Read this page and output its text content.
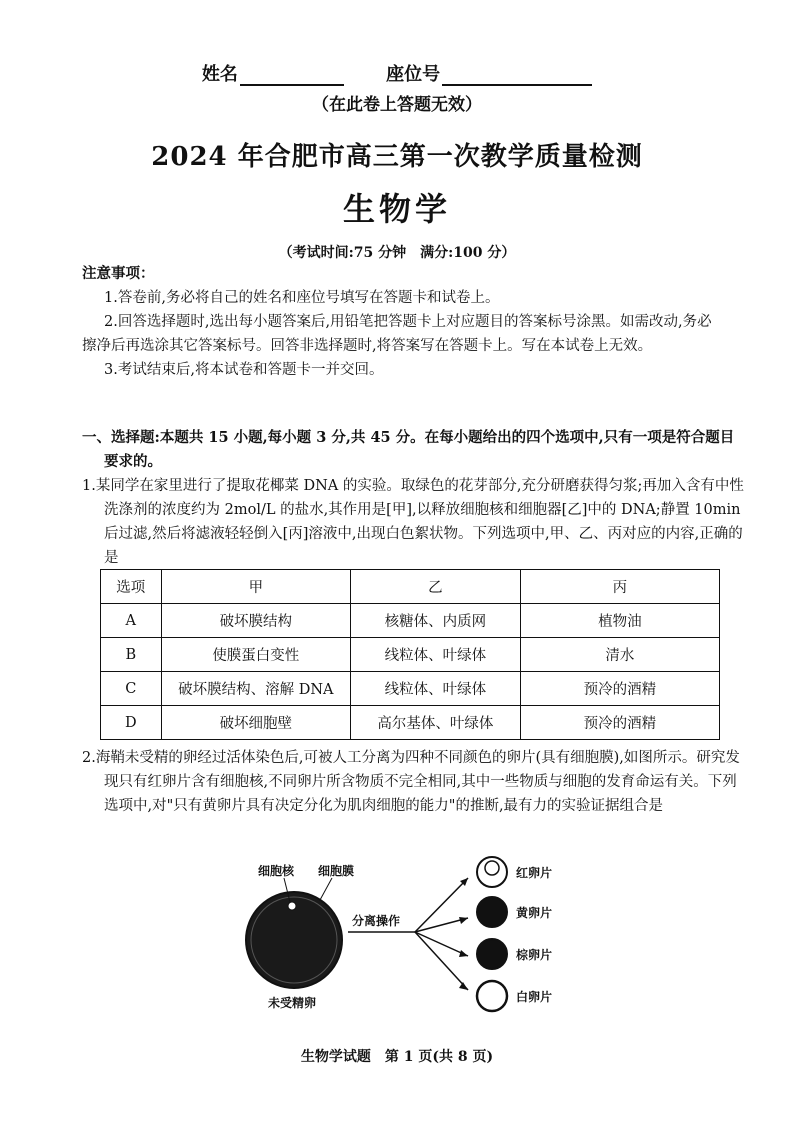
姓名	座位号
（在此卷上答题无效）
2024 年合肥市高三第一次教学质量检测
生物学
（考试时间:75 分钟　满分:100 分）
注意事项：
1.答卷前,务必将自己的姓名和座位号填写在答题卡和试卷上。
2.回答选择题时,选出每小题答案后,用铅笔把答题卡上对应题目的答案标号涂黑。如需改动,务必擦净后再选涂其它答案标号。回答非选择题时,将答案写在答题卡上。写在本试卷上无效。
3.考试结束后,将本试卷和答题卡一并交回。
一、选择题:本题共 15 小题,每小题 3 分,共 45 分。在每小题给出的四个选项中,只有一项是符合题目要求的。
1.某同学在家里进行了提取花椰菜 DNA 的实验。取绿色的花芽部分,充分研磨获得匀浆;再加入含有中性洗涤剂的浓度约为 2mol/L 的盐水,其作用是[甲],以释放细胞核和细胞器[乙]中的 DNA;静置 10min 后过滤,然后将滤液轻轻倒入[丙]溶液中,出现白色絮状物。下列选项中,甲、乙、丙对应的内容,正确的是
选项	甲	乙	丙
A	破坏膜结构	核糖体、内质网	植物油
B	使膜蛋白变性	线粒体、叶绿体	清水
C	破坏膜结构、溶解 DNA	线粒体、叶绿体	预冷的酒精
D	破坏细胞壁	高尔基体、叶绿体	预冷的酒精
2.海鞘未受精的卵经过活体染色后,可被人工分离为四种不同颜色的卵片(具有细胞膜),如图所示。研究发现只有红卵片含有细胞核,不同卵片所含物质不完全相同,其中一些物质与细胞的发育命运有关。下列选项中,对"只有黄卵片具有决定分化为肌肉细胞的能力"的推断,最有力的实验证据组合是
细胞核 细胞膜
未受精卵
分离操作
红卵片
黄卵片
棕卵片
白卵片
生物学试题　第 1 页(共 8 页)
